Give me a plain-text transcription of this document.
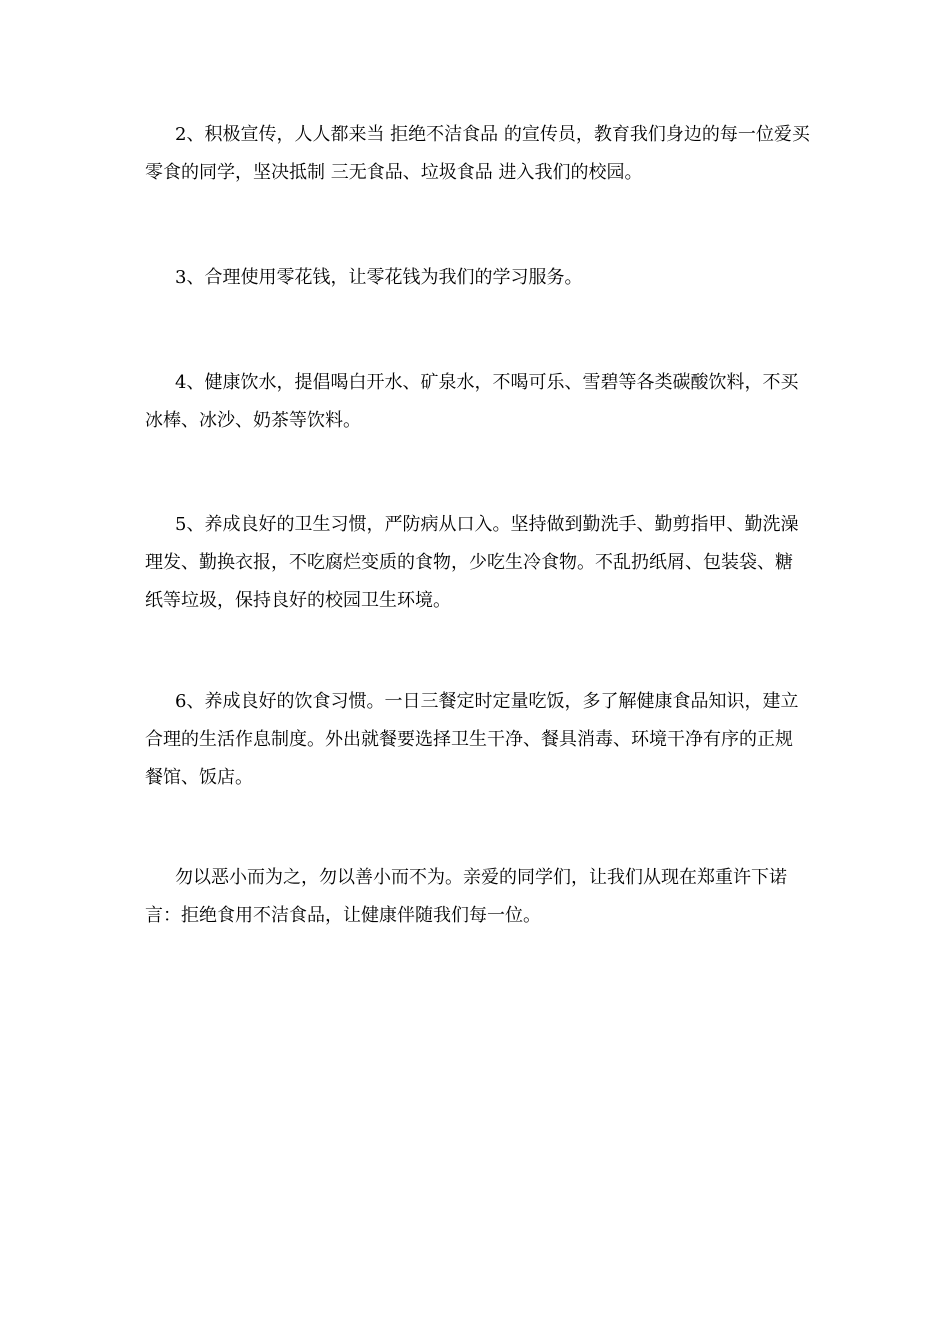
2、积极宣传，人人都来当 拒绝不洁食品 的宣传员，教育我们身边的每一位爱买零食的同学，坚决抵制 三无食品、垃圾食品 进入我们的校园。

3、合理使用零花钱，让零花钱为我们的学习服务。

4、健康饮水，提倡喝白开水、矿泉水，不喝可乐、雪碧等各类碳酸饮料，不买冰棒、冰沙、奶茶等饮料。

5、养成良好的卫生习惯，严防病从口入。坚持做到勤洗手、勤剪指甲、勤洗澡理发、勤换衣报，不吃腐烂变质的食物，少吃生冷食物。不乱扔纸屑、包装袋、糖纸等垃圾，保持良好的校园卫生环境。

6、养成良好的饮食习惯。一日三餐定时定量吃饭，多了解健康食品知识，建立合理的生活作息制度。外出就餐要选择卫生干净、餐具消毒、环境干净有序的正规餐馆、饭店。

勿以恶小而为之，勿以善小而不为。亲爱的同学们，让我们从现在郑重许下诺言：拒绝食用不洁食品，让健康伴随我们每一位。
